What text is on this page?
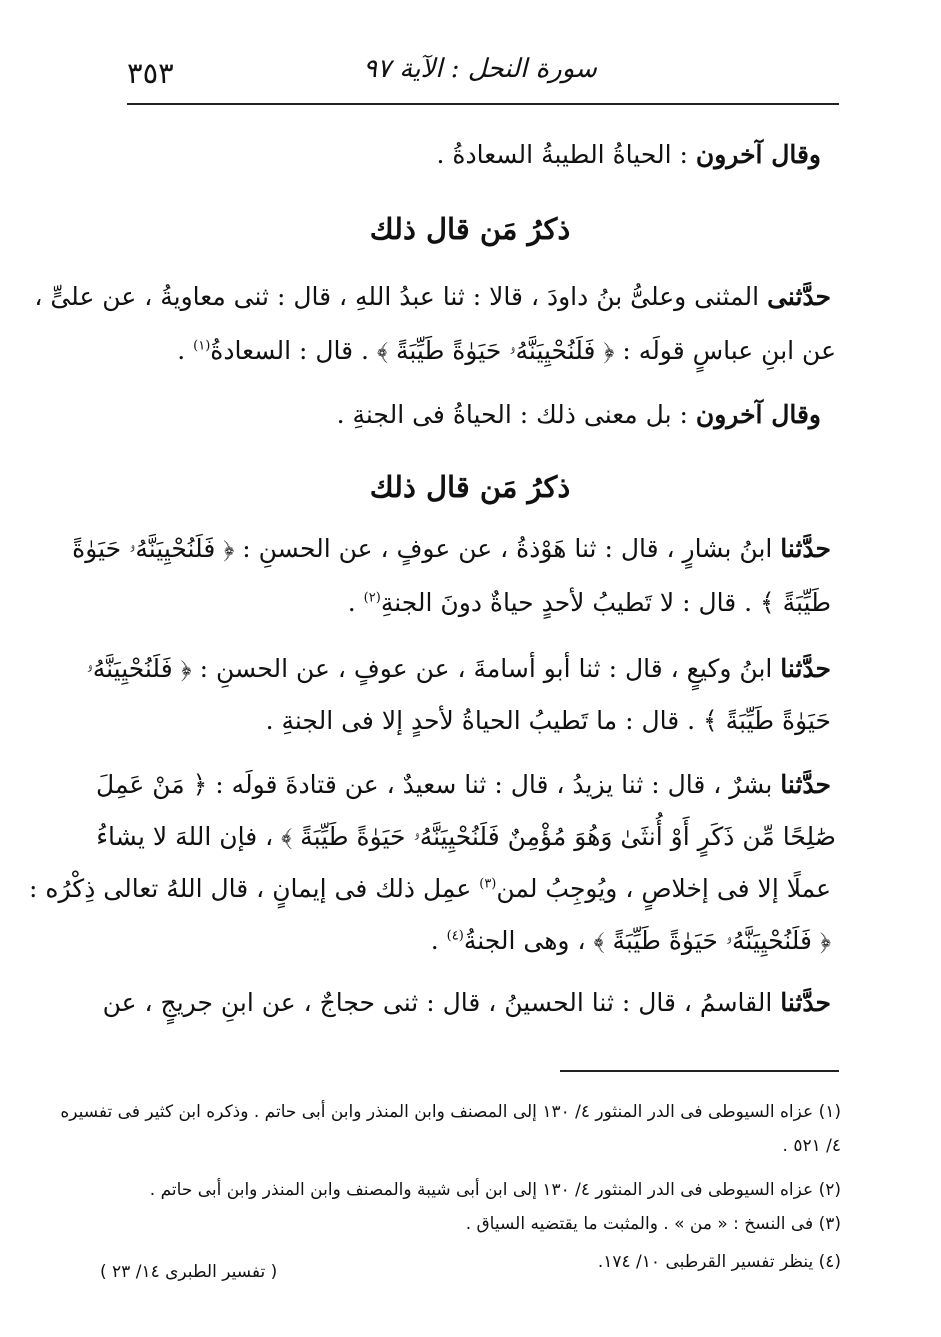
٣٥٣	سورة النحل : الآية ٩٧
وقال آخرون : الحياةُ الطيبةُ السعادةُ .
ذكرُ مَن قال ذلك
حدَّثنى المثنى وعلىُّ بنُ داودَ ، قالا : ثنا عبدُ اللهِ ، قال : ثنى معاويةُ ، عن علىٍّ ،
عن ابنِ عباسٍ قولَه : ﴿ فَلَنُحْيِيَنَّهُۥ حَيَوٰةً طَيِّبَةً ﴾ . قال : السعادةُ$^{(١)}$ .
وقال آخرون : بل معنى ذلك : الحياةُ فى الجنةِ .
ذكرُ مَن قال ذلك
حدَّثنا ابنُ بشارٍ ، قال : ثنا هَوْذةُ ، عن عوفٍ ، عن الحسنِ : ﴿ فَلَنُحْيِيَنَّهُۥ حَيَوٰةً
طَيِّبَةً ﴾ . قال : لا تَطيبُ لأحدٍ حياةٌ دونَ الجنةِ$^{(٢)}$ .
حدَّثنا ابنُ وكيعٍ ، قال : ثنا أبو أسامةَ ، عن عوفٍ ، عن الحسنِ : ﴿ فَلَنُحْيِيَنَّهُۥ
حَيَوٰةً طَيِّبَةً ﴾ . قال : ما تَطيبُ الحياةُ لأحدٍ إلا فى الجنةِ .
حدَّثنا بشرٌ ، قال : ثنا يزيدُ ، قال : ثنا سعيدٌ ، عن قتادةَ قولَه : ﴿ مَنْ عَمِلَ
صَٰلِحًا مِّن ذَكَرٍ أَوْ أُنثَىٰ وَهُوَ مُؤْمِنٌ فَلَنُحْيِيَنَّهُۥ حَيَوٰةً طَيِّبَةً ﴾ ، فإن اللهَ لا يشاءُ
عملًا إلا فى إخلاصٍ ، ويُوجِبُ لمن$^{(٣)}$ عمِل ذلك فى إيمانٍ ، قال اللهُ تعالى ذِكْرُه :
﴿ فَلَنُحْيِيَنَّهُۥ حَيَوٰةً طَيِّبَةً ﴾ ، وهى الجنةُ$^{(٤)}$ .
حدَّثنا القاسمُ ، قال : ثنا الحسينُ ، قال : ثنى حجاجٌ ، عن ابنِ جريجٍ ، عن
(١) عزاه السيوطى فى الدر المنثور ٤/ ١٣٠ إلى المصنف وابن المنذر وابن أبى حاتم . وذكره ابن كثير فى تفسيره
٤/ ٥٢١ .
(٢) عزاه السيوطى فى الدر المنثور ٤/ ١٣٠ إلى ابن أبى شيبة والمصنف وابن المنذر وابن أبى حاتم .
(٣) فى النسخ : « من » . والمثبت ما يقتضيه السياق .
(٤) ينظر تفسير القرطبى ١٠/ ١٧٤.
( تفسير الطبرى ١٤/ ٢٣ )
